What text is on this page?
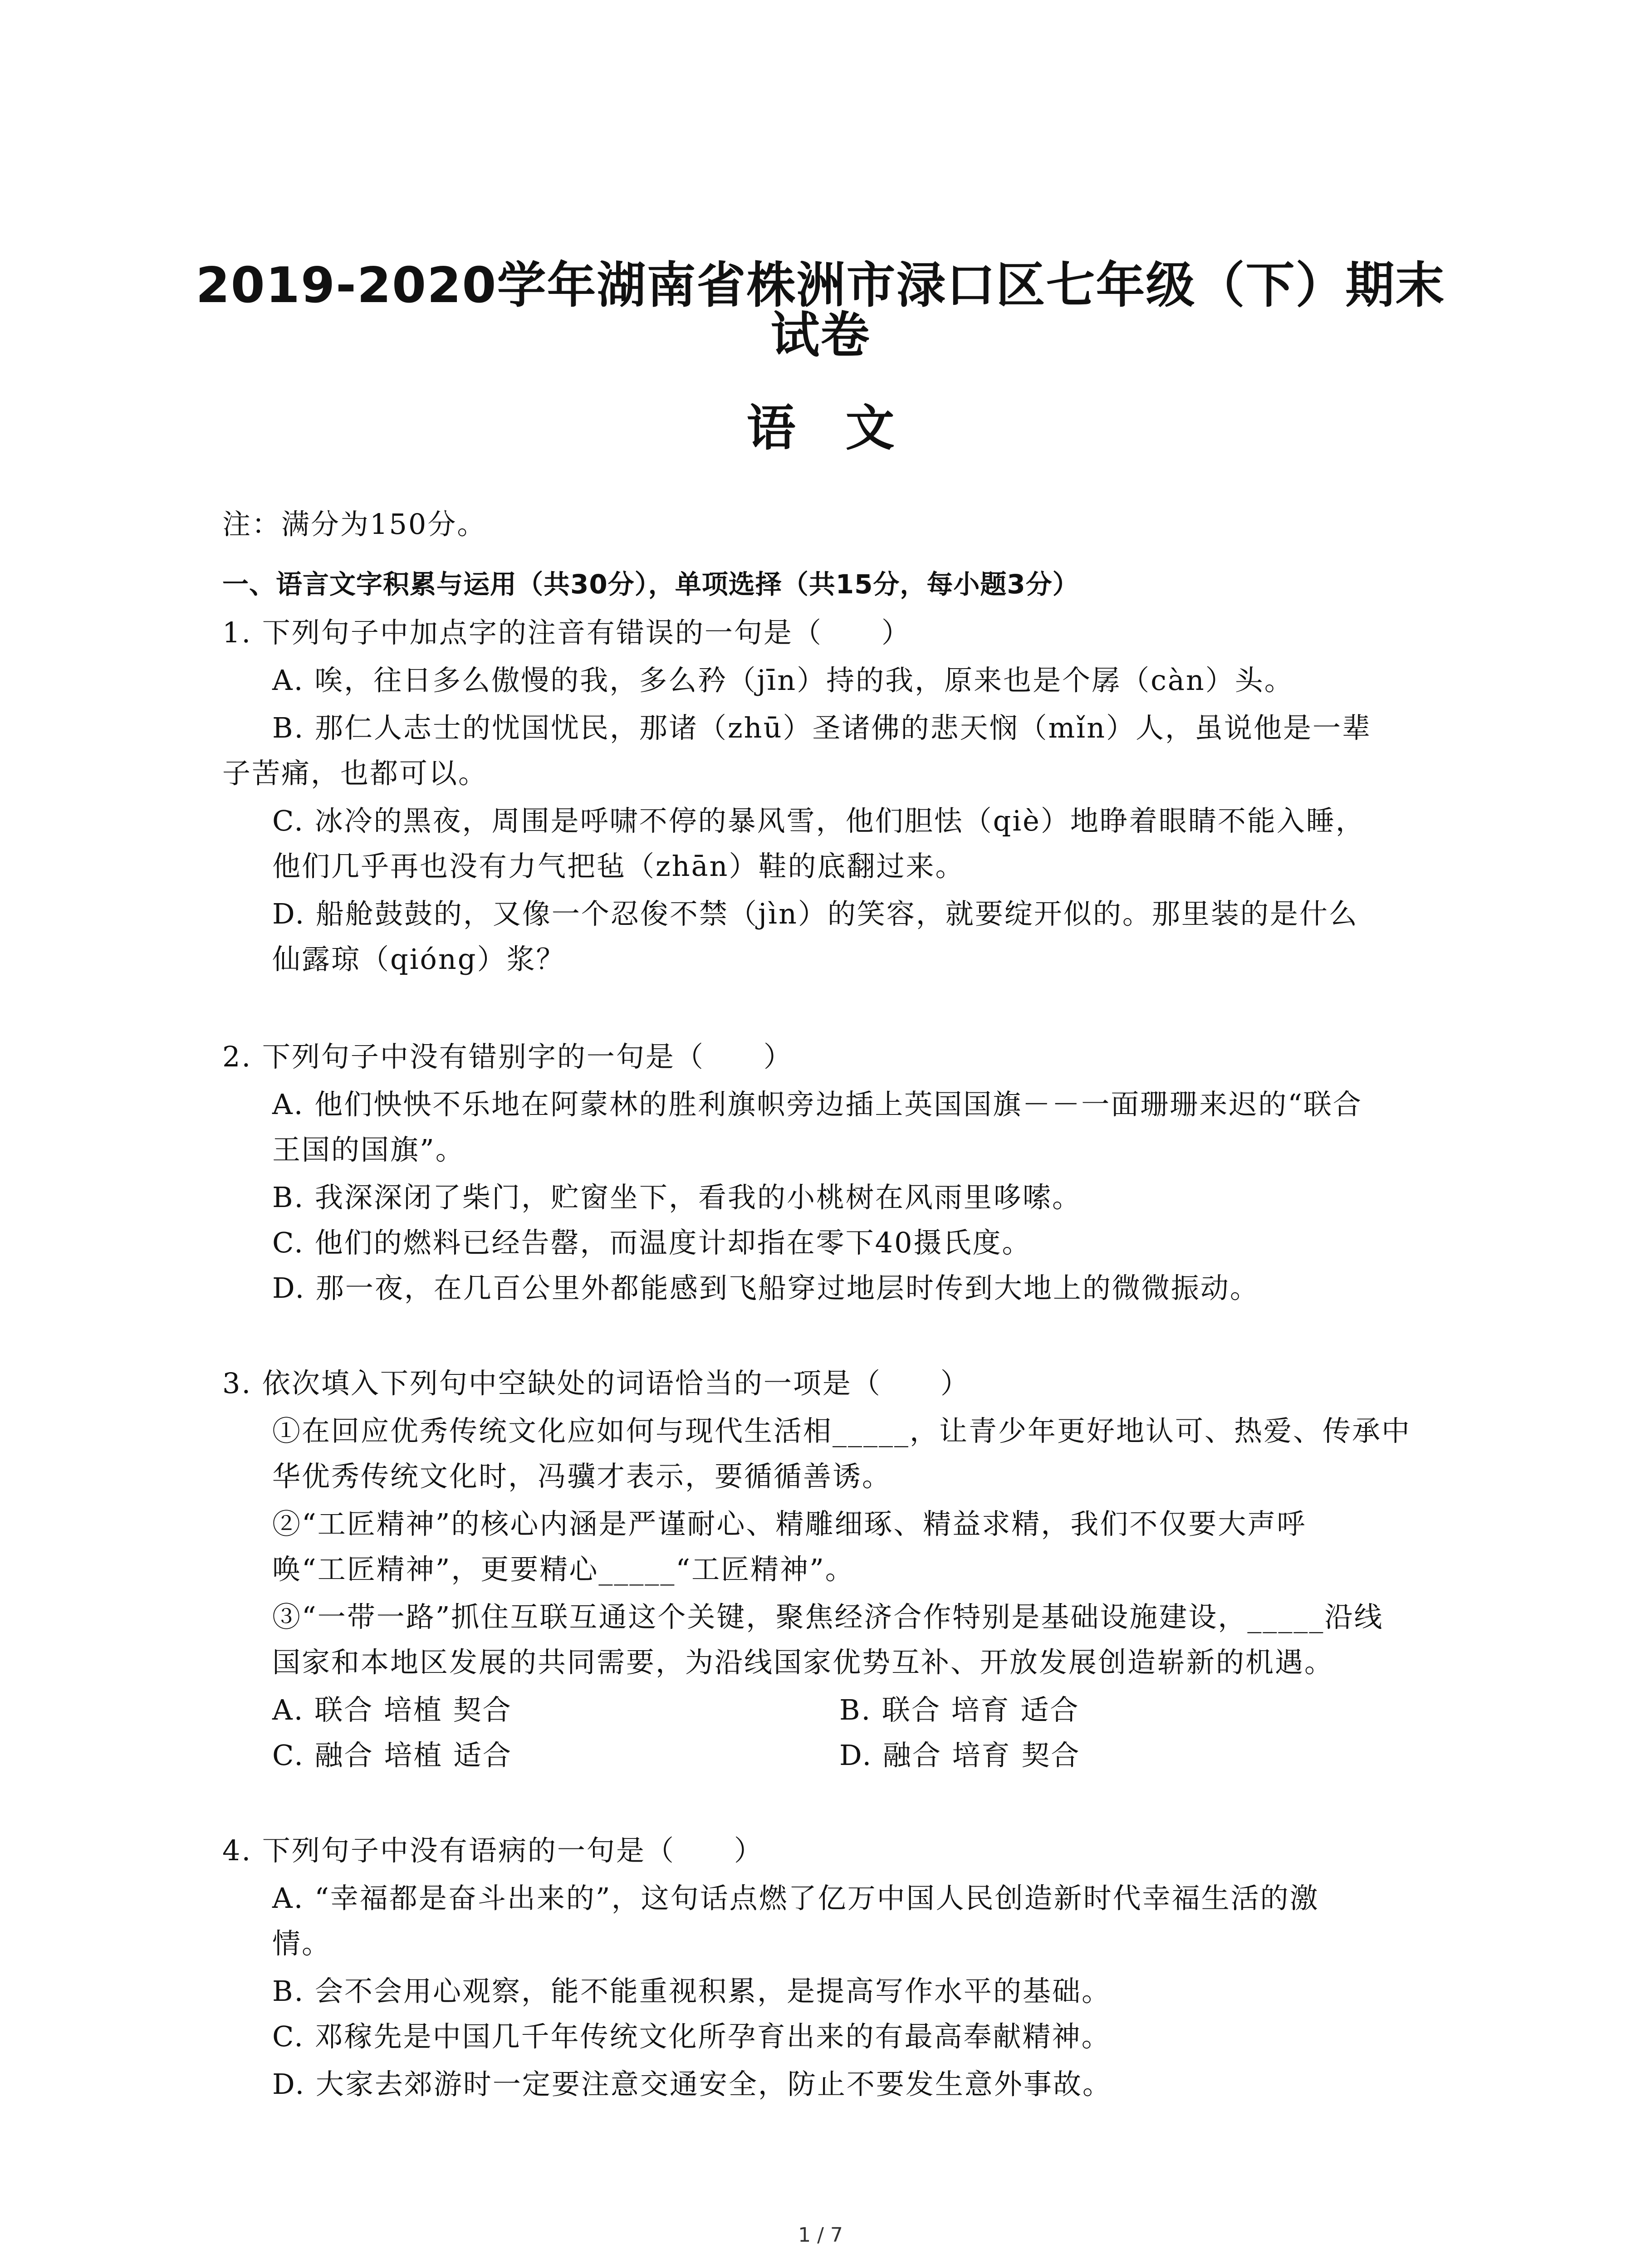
2019-2020学年湖南省株洲市渌口区七年级（下）期末
试卷
语 文
注：满分为150分。
一、语言文字积累与运用（共30分），单项选择（共15分，每小题3分）
1. 下列句子中加点字的注音有错误的一句是（　　）
A. 唉，往日多么傲慢的我，多么矜（jīn）持的我，原来也是个孱（càn）头。
B. 那仁人志士的忧国忧民，那诸（zhū）圣诸佛的悲天悯（mǐn）人，虽说他是一辈
子苦痛，也都可以。
C. 冰冷的黑夜，周围是呼啸不停的暴风雪，他们胆怯（qiè）地睁着眼睛不能入睡，
他们几乎再也没有力气把毡（zhān）鞋的底翻过来。
D. 船舱鼓鼓的，又像一个忍俊不禁（jìn）的笑容，就要绽开似的。那里装的是什么
仙露琼（qióng）浆？
2. 下列句子中没有错别字的一句是（　　）
A. 他们怏怏不乐地在阿蒙林的胜利旗帜旁边插上英国国旗－－一面珊珊来迟的“联合
王国的国旗”。
B. 我深深闭了柴门，贮窗坐下，看我的小桃树在风雨里哆嗦。
C. 他们的燃料已经告罄，而温度计却指在零下40摄氏度。
D. 那一夜，在几百公里外都能感到飞船穿过地层时传到大地上的微微振动。
3. 依次填入下列句中空缺处的词语恰当的一项是（　　）
①在回应优秀传统文化应如何与现代生活相_____，让青少年更好地认可、热爱、传承中
华优秀传统文化时，冯骥才表示，要循循善诱。
②“工匠精神”的核心内涵是严谨耐心、精雕细琢、精益求精，我们不仅要大声呼
唤“工匠精神”，更要精心_____“工匠精神”。
③“一带一路”抓住互联互通这个关键，聚焦经济合作特别是基础设施建设，_____沿线
国家和本地区发展的共同需要，为沿线国家优势互补、开放发展创造崭新的机遇。
A. 联合 培植 契合	B. 联合 培育 适合
C. 融合 培植 适合	D. 融合 培育 契合
4. 下列句子中没有语病的一句是（　　）
A. “幸福都是奋斗出来的”，这句话点燃了亿万中国人民创造新时代幸福生活的激
情。
B. 会不会用心观察，能不能重视积累，是提高写作水平的基础。
C. 邓稼先是中国几千年传统文化所孕育出来的有最高奉献精神。
D. 大家去郊游时一定要注意交通安全，防止不要发生意外事故。
1 / 7
